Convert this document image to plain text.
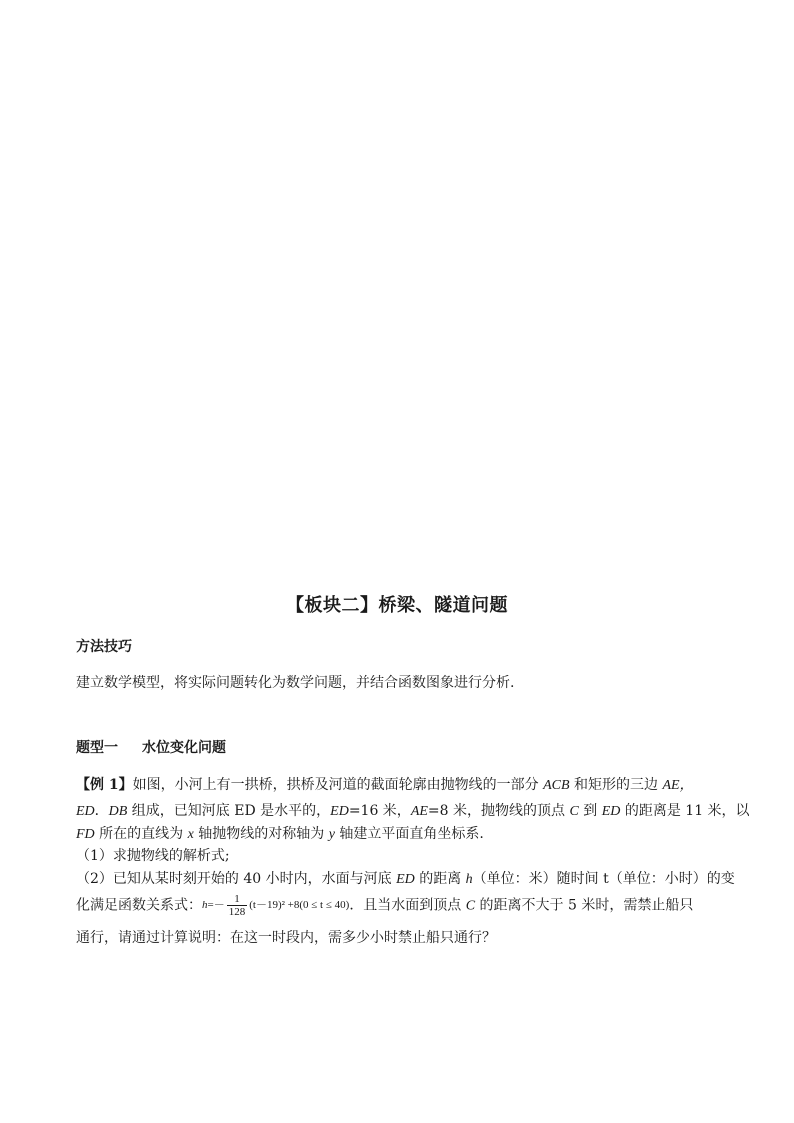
【板块二】桥梁、隧道问题
方法技巧
建立数学模型，将实际问题转化为数学问题，并结合函数图象进行分析.
题型一 水位变化问题
【例 1】如图，小河上有一拱桥，拱桥及河道的截面轮廓由抛物线的一部分 ACB 和矩形的三边 AE，
ED．DB 组成，已知河底 ED 是水平的，ED=16 米，AE=8 米，抛物线的顶点 C 到 ED 的距离是 11 米，以
FD 所在的直线为 x 轴抛物线的对称轴为 y 轴建立平面直角坐标系.
（1）求抛物线的解析式;
（2）已知从某时刻开始的 40 小时内，水面与河底 ED 的距离 h（单位：米）随时间 t（单位：小时）的变
化满足函数关系式：$h=- \frac{1}{128} (t-19)^2 +8(0 \le t \le 40)$．且当水面到顶点 C 的距离不大于 5 米时，需禁止船只
通行，请通过计算说明：在这一时段内，需多少小时禁止船只通行？
